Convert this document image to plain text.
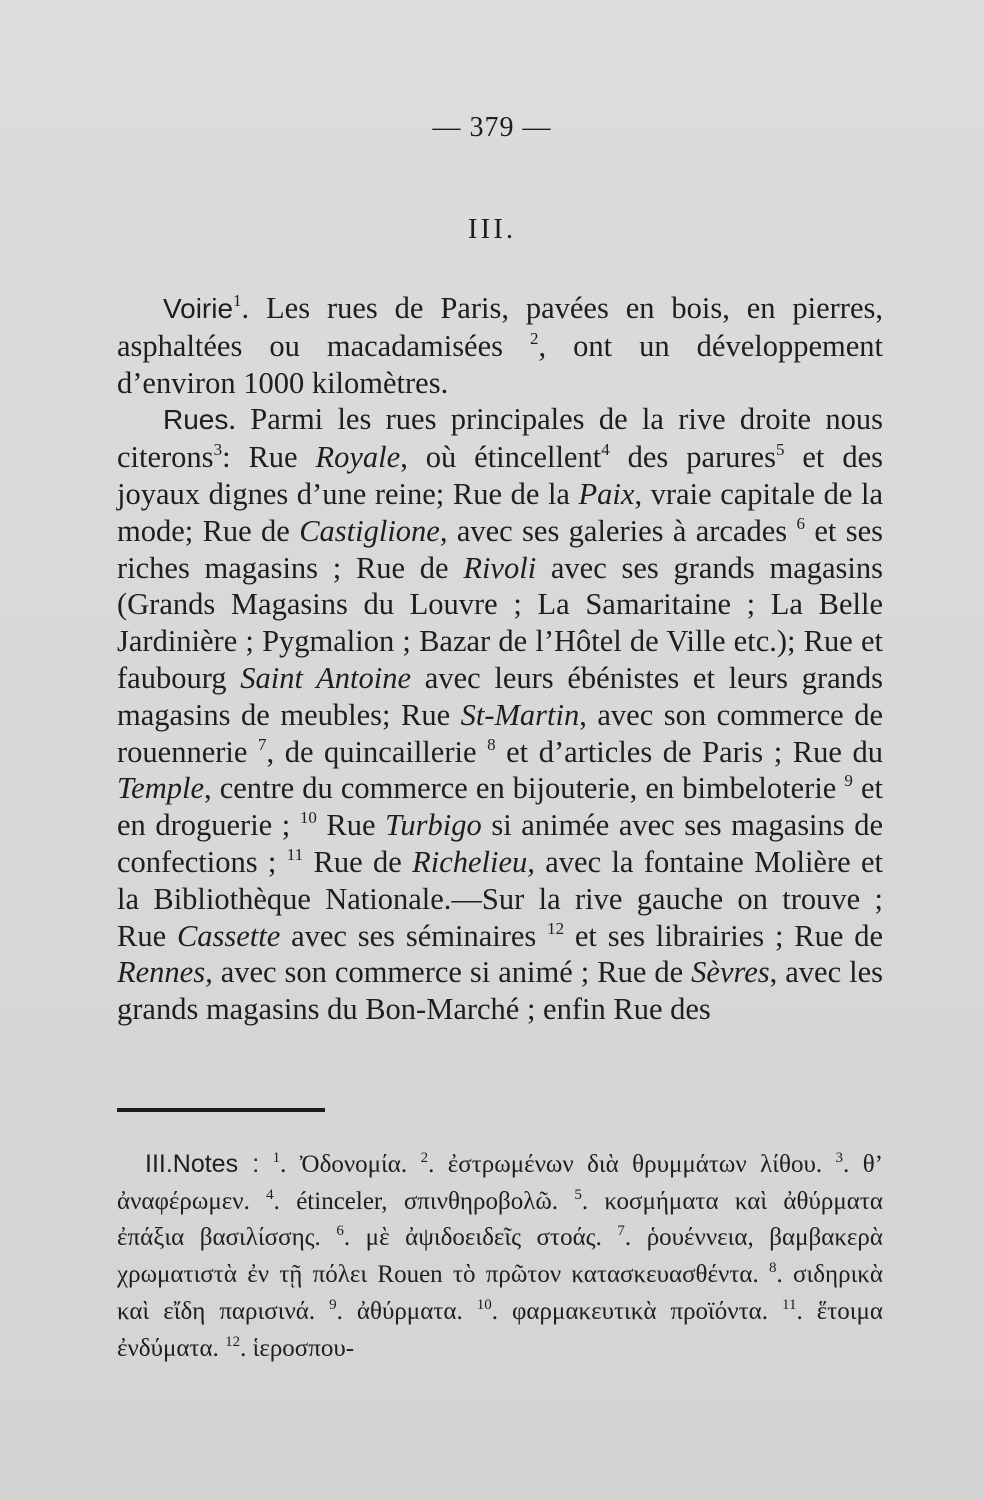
— 379 —
III.

Voirie$^1$. Les rues de Paris, pavées en bois, en pierres, asphaltées ou macadamisées $^2$, ont un développement d’environ 1000 kilomètres.

Rues. Parmi les rues principales de la rive droite nous citerons$^3$: Rue Royale, où étincellent$^4$ des parures$^5$ et des joyaux dignes d’une reine; Rue de la Paix, vraie capitale de la mode; Rue de Castiglione, avec ses galeries à arcades $^6$ et ses riches magasins ; Rue de Rivoli avec ses grands magasins (Grands Magasins du Louvre ; La Samaritaine ; La Belle Jardinière ; Pygmalion ; Bazar de l’Hôtel de Ville etc.); Rue et faubourg Saint Antoine avec leurs ébénistes et leurs grands magasins de meubles; Rue St-Martin, avec son commerce de rouennerie $^7$, de quincaillerie $^8$ et d’articles de Paris ; Rue du Temple, centre du commerce en bijouterie, en bimbeloterie $^9$ et en droguerie ; $^{10}$ Rue Turbigo si animée avec ses magasins de confections ; $^{11}$ Rue de Richelieu, avec la fontaine Molière et la Bibliothèque Nationale.—Sur la rive gauche on trouve ; Rue Cassette avec ses séminaires $^{12}$ et ses librairies ; Rue de Rennes, avec son commerce si animé ; Rue de Sèvres, avec les grands magasins du Bon-Marché ; enfin Rue des

III.Notes : $^1$. Ὀδονομία. $^2$. ἐστρωμένων διὰ θρυμμάτων λίθου. $^3$. θ’ ἀναφέρωμεν. $^4$. étinceler, σπινθηροβολῶ. $^5$. κοσμήματα καὶ ἀθύρματα ἐπάξια βασιλίσσης. $^6$. μὲ ἀψιδοειδεῖς στοάς. $^7$. ῥουέννεια, βαμβακερὰ χρωματιστὰ ἐν τῇ πόλει Rouen τὸ πρῶτον κατασκευασθέντα. $^8$. σιδηρικὰ καὶ εἴδη παρισινά. $^9$. ἀθύρματα. $^{10}$. φαρμακευτικὰ προϊόντα. $^{11}$. ἕτοιμα ἐνδύματα. $^{12}$. ἱεροσπου-
